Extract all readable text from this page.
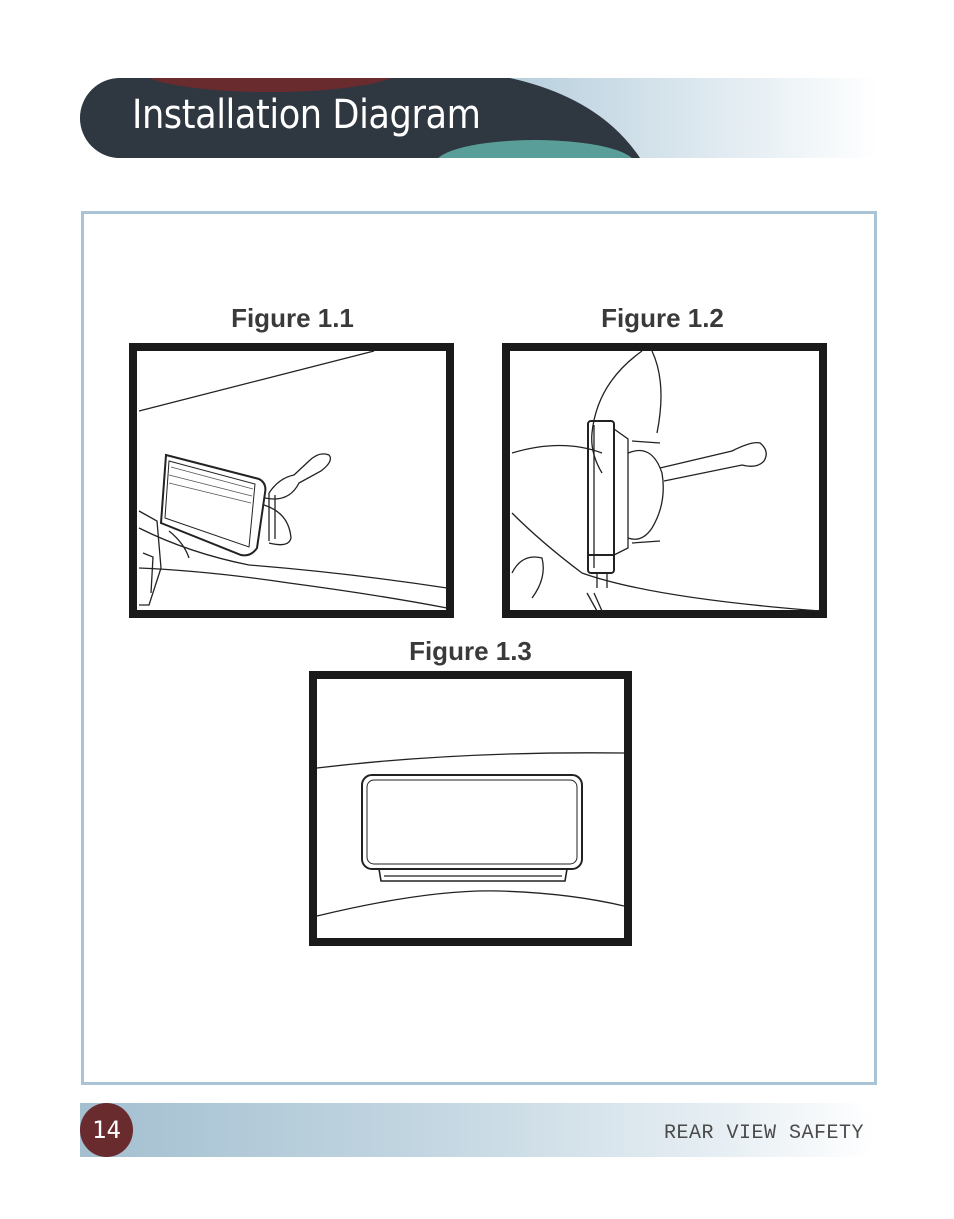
Installation Diagram
Figure 1.1	Figure 1.2
Figure 1.3
14	REAR VIEW SAFETY
